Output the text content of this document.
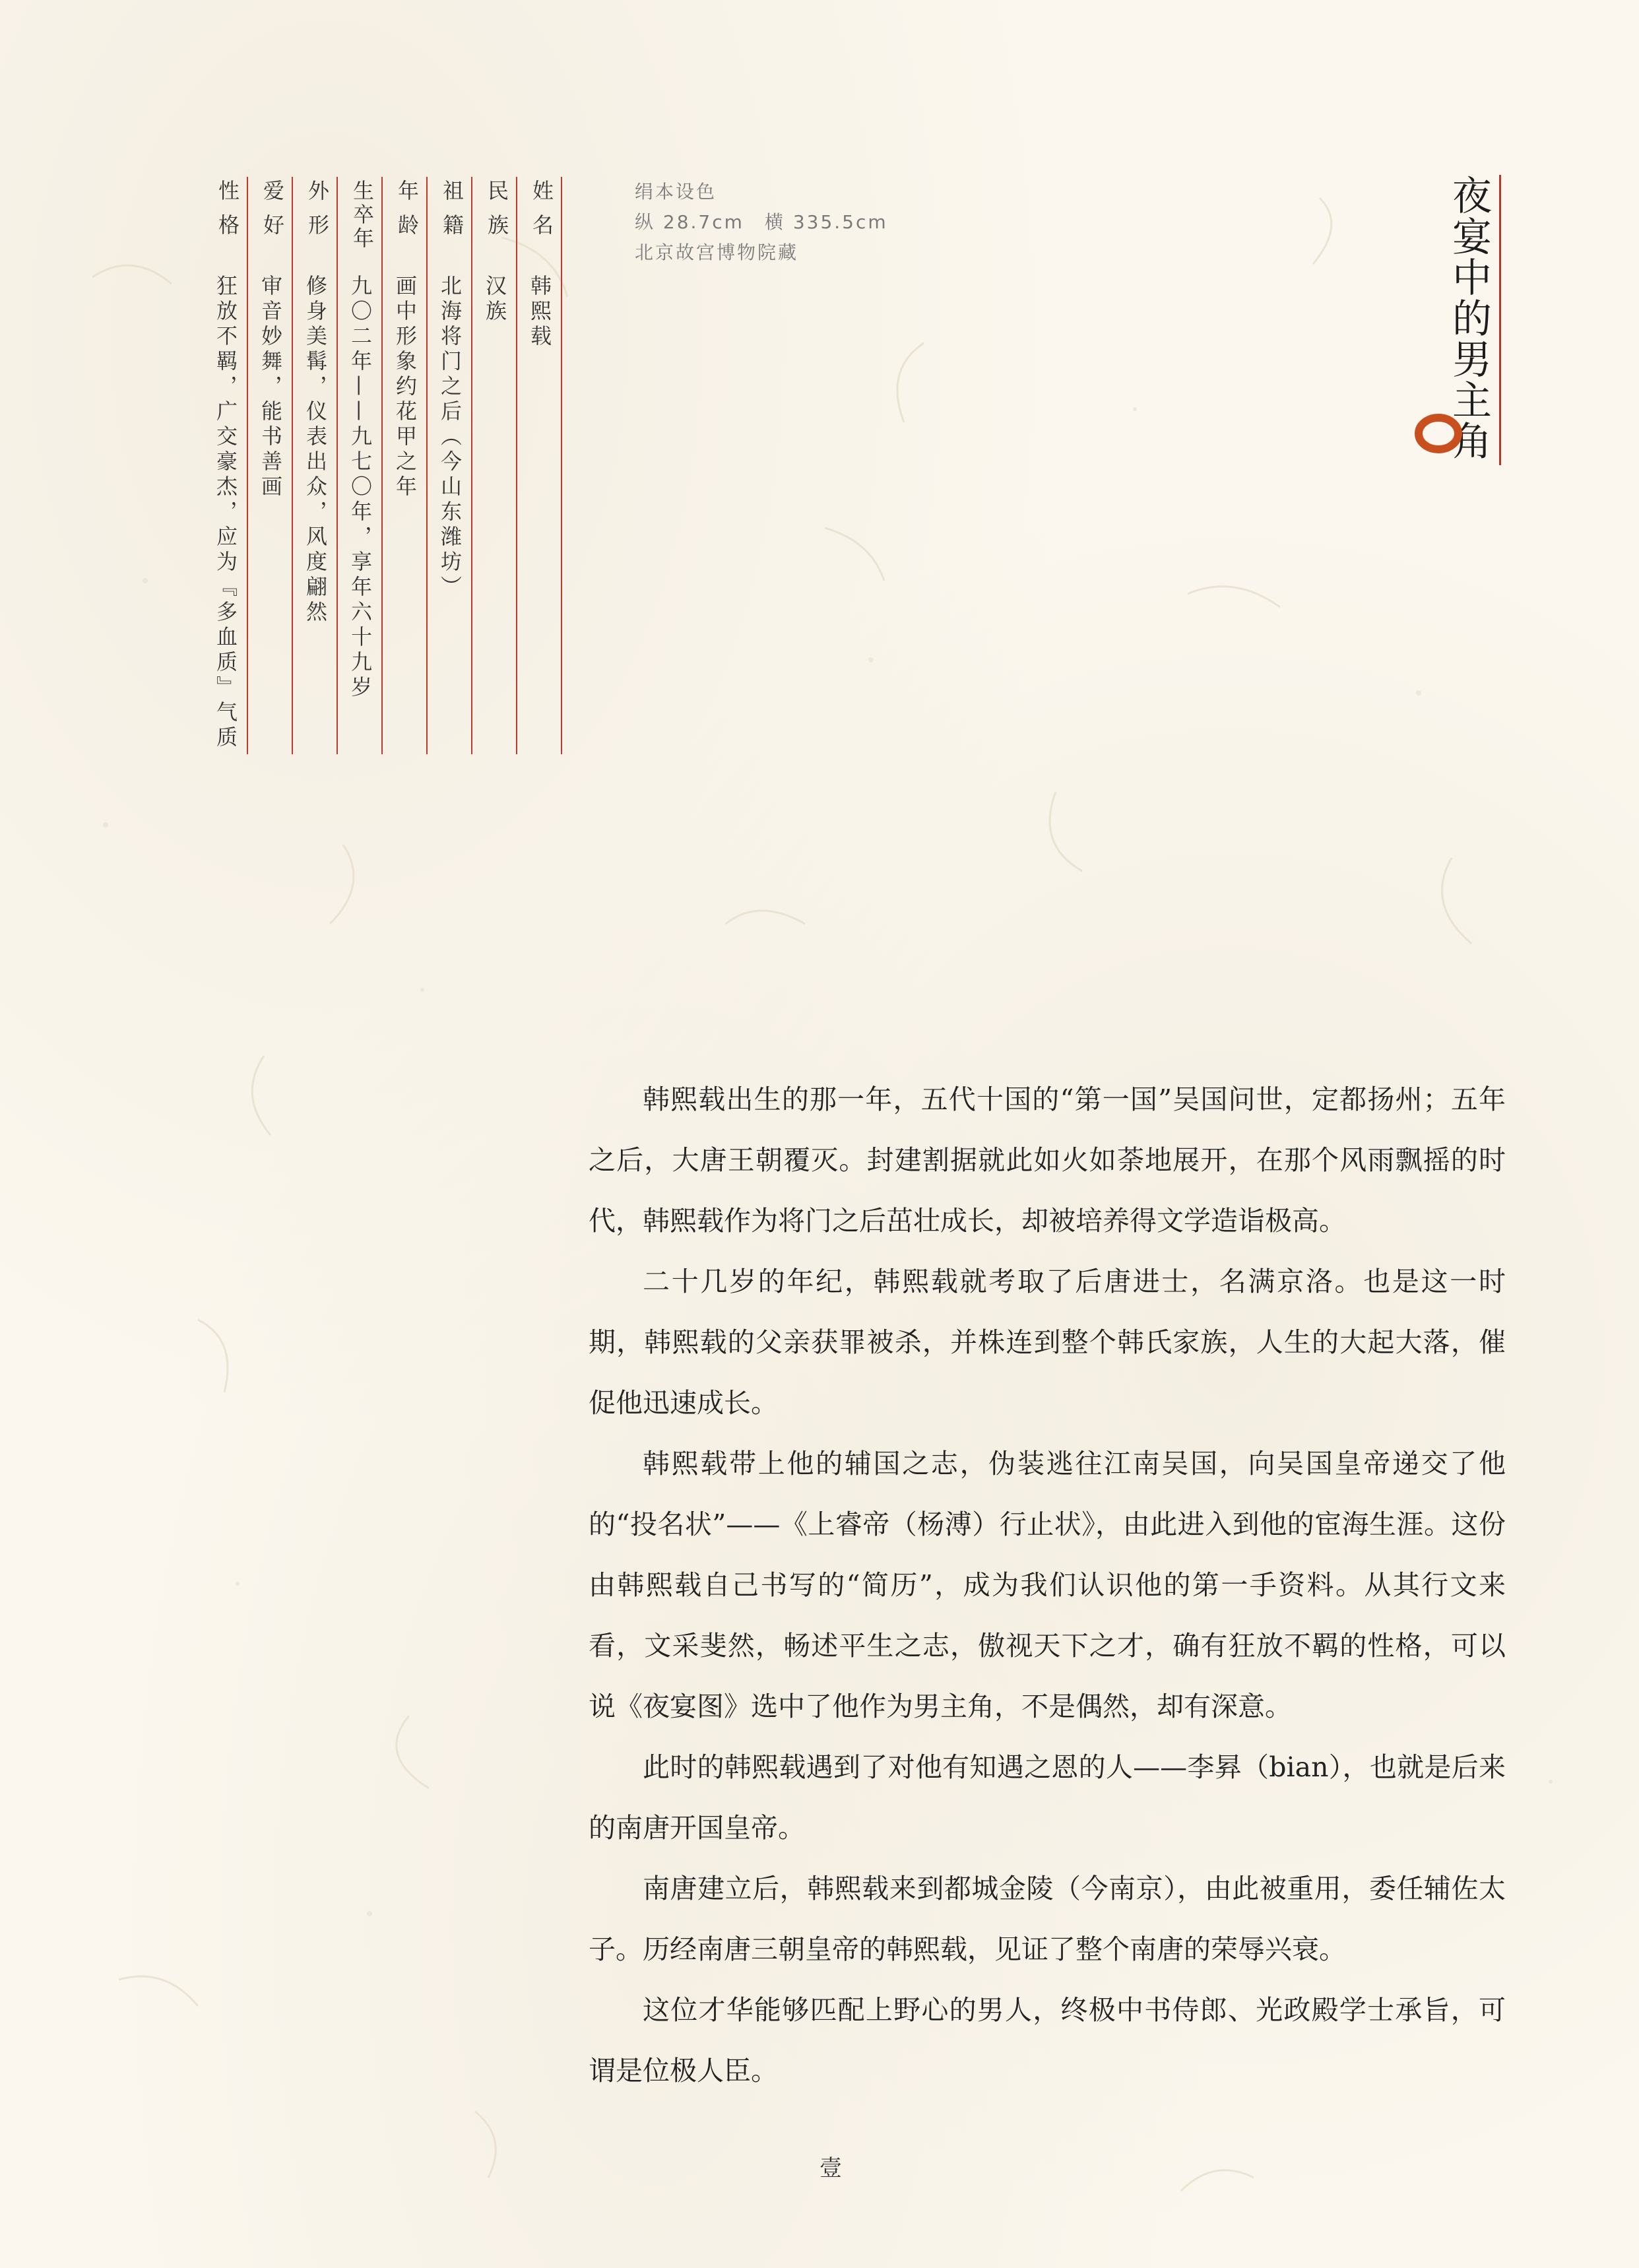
夜宴中的男主角
绢本设色
纵 28.7cm　横 335.5cm
北京故宫博物院藏
姓名
韩熙载
民族
汉族
祖籍
北海将门之后（今山东潍坊）
年龄
画中形象约花甲之年
生卒年
九〇二年——九七〇年，享年六十九岁
外形
修身美髯，仪表出众，风度翩然
爱好
审音妙舞，能书善画
性格
狂放不羁，广交豪杰，应为『多血质』气质

韩熙载出生的那一年，五代十国的“第一国”吴国问世，定都扬州；五年之后，大唐王朝覆灭。封建割据就此如火如荼地展开，在那个风雨飘摇的时代，韩熙载作为将门之后茁壮成长，却被培养得文学造诣极高。

二十几岁的年纪，韩熙载就考取了后唐进士，名满京洛。也是这一时期，韩熙载的父亲获罪被杀，并株连到整个韩氏家族，人生的大起大落，催促他迅速成长。

韩熙载带上他的辅国之志，伪装逃往江南吴国，向吴国皇帝递交了他的“投名状”——《上睿帝（杨溥）行止状》，由此进入到他的宦海生涯。这份由韩熙载自己书写的“简历”，成为我们认识他的第一手资料。从其行文来看，文采斐然，畅述平生之志，傲视天下之才，确有狂放不羁的性格，可以说《夜宴图》选中了他作为男主角，不是偶然，却有深意。

此时的韩熙载遇到了对他有知遇之恩的人——李昪（bian），也就是后来的南唐开国皇帝。

南唐建立后，韩熙载来到都城金陵（今南京），由此被重用，委任辅佐太子。历经南唐三朝皇帝的韩熙载，见证了整个南唐的荣辱兴衰。

这位才华能够匹配上野心的男人，终极中书侍郎、光政殿学士承旨，可谓是位极人臣。

壹
